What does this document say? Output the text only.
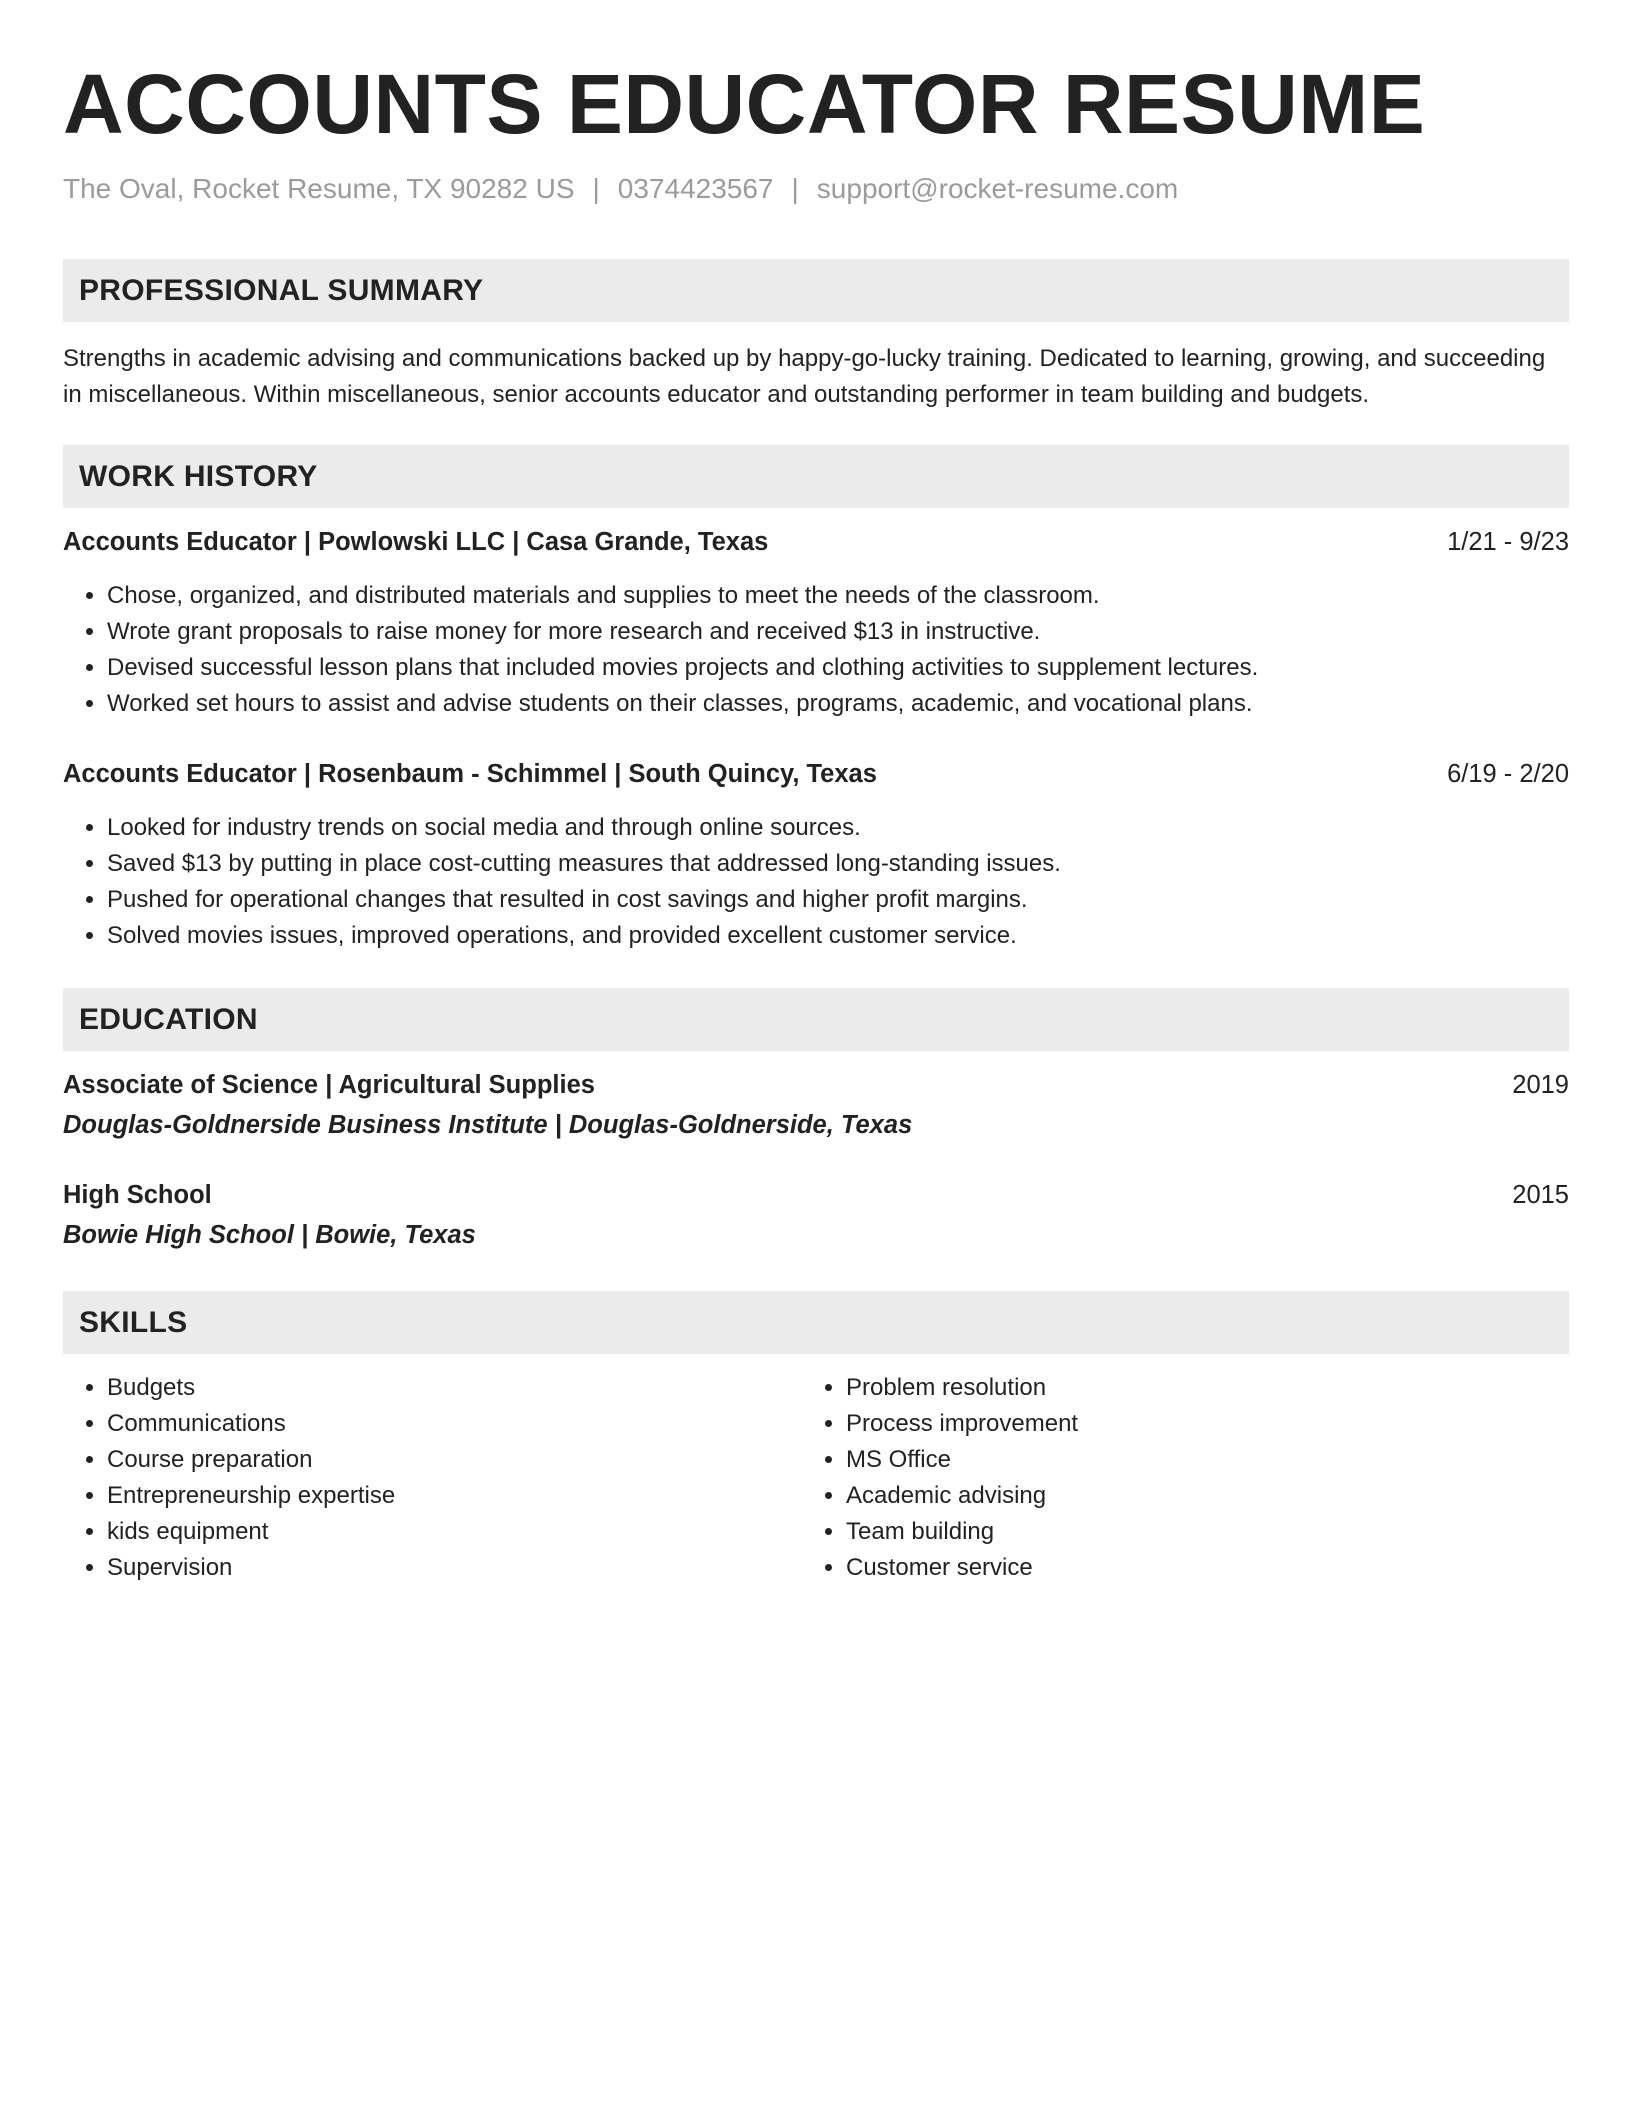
ACCOUNTS EDUCATOR RESUME
The Oval, Rocket Resume, TX 90282 US | 0374423567 | support@rocket-resume.com
PROFESSIONAL SUMMARY
Strengths in academic advising and communications backed up by happy-go-lucky training. Dedicated to learning, growing, and succeeding in miscellaneous. Within miscellaneous, senior accounts educator and outstanding performer in team building and budgets.
WORK HISTORY
Accounts Educator | Powlowski LLC | Casa Grande, Texas	1/21 - 9/23
• Chose, organized, and distributed materials and supplies to meet the needs of the classroom.
• Wrote grant proposals to raise money for more research and received $13 in instructive.
• Devised successful lesson plans that included movies projects and clothing activities to supplement lectures.
• Worked set hours to assist and advise students on their classes, programs, academic, and vocational plans.
Accounts Educator | Rosenbaum - Schimmel | South Quincy, Texas	6/19 - 2/20
• Looked for industry trends on social media and through online sources.
• Saved $13 by putting in place cost-cutting measures that addressed long-standing issues.
• Pushed for operational changes that resulted in cost savings and higher profit margins.
• Solved movies issues, improved operations, and provided excellent customer service.
EDUCATION
Associate of Science | Agricultural Supplies	2019
Douglas-Goldnerside Business Institute | Douglas-Goldnerside, Texas
High School	2015
Bowie High School | Bowie, Texas
SKILLS
• Budgets
• Communications
• Course preparation
• Entrepreneurship expertise
• kids equipment
• Supervision
• Problem resolution
• Process improvement
• MS Office
• Academic advising
• Team building
• Customer service
